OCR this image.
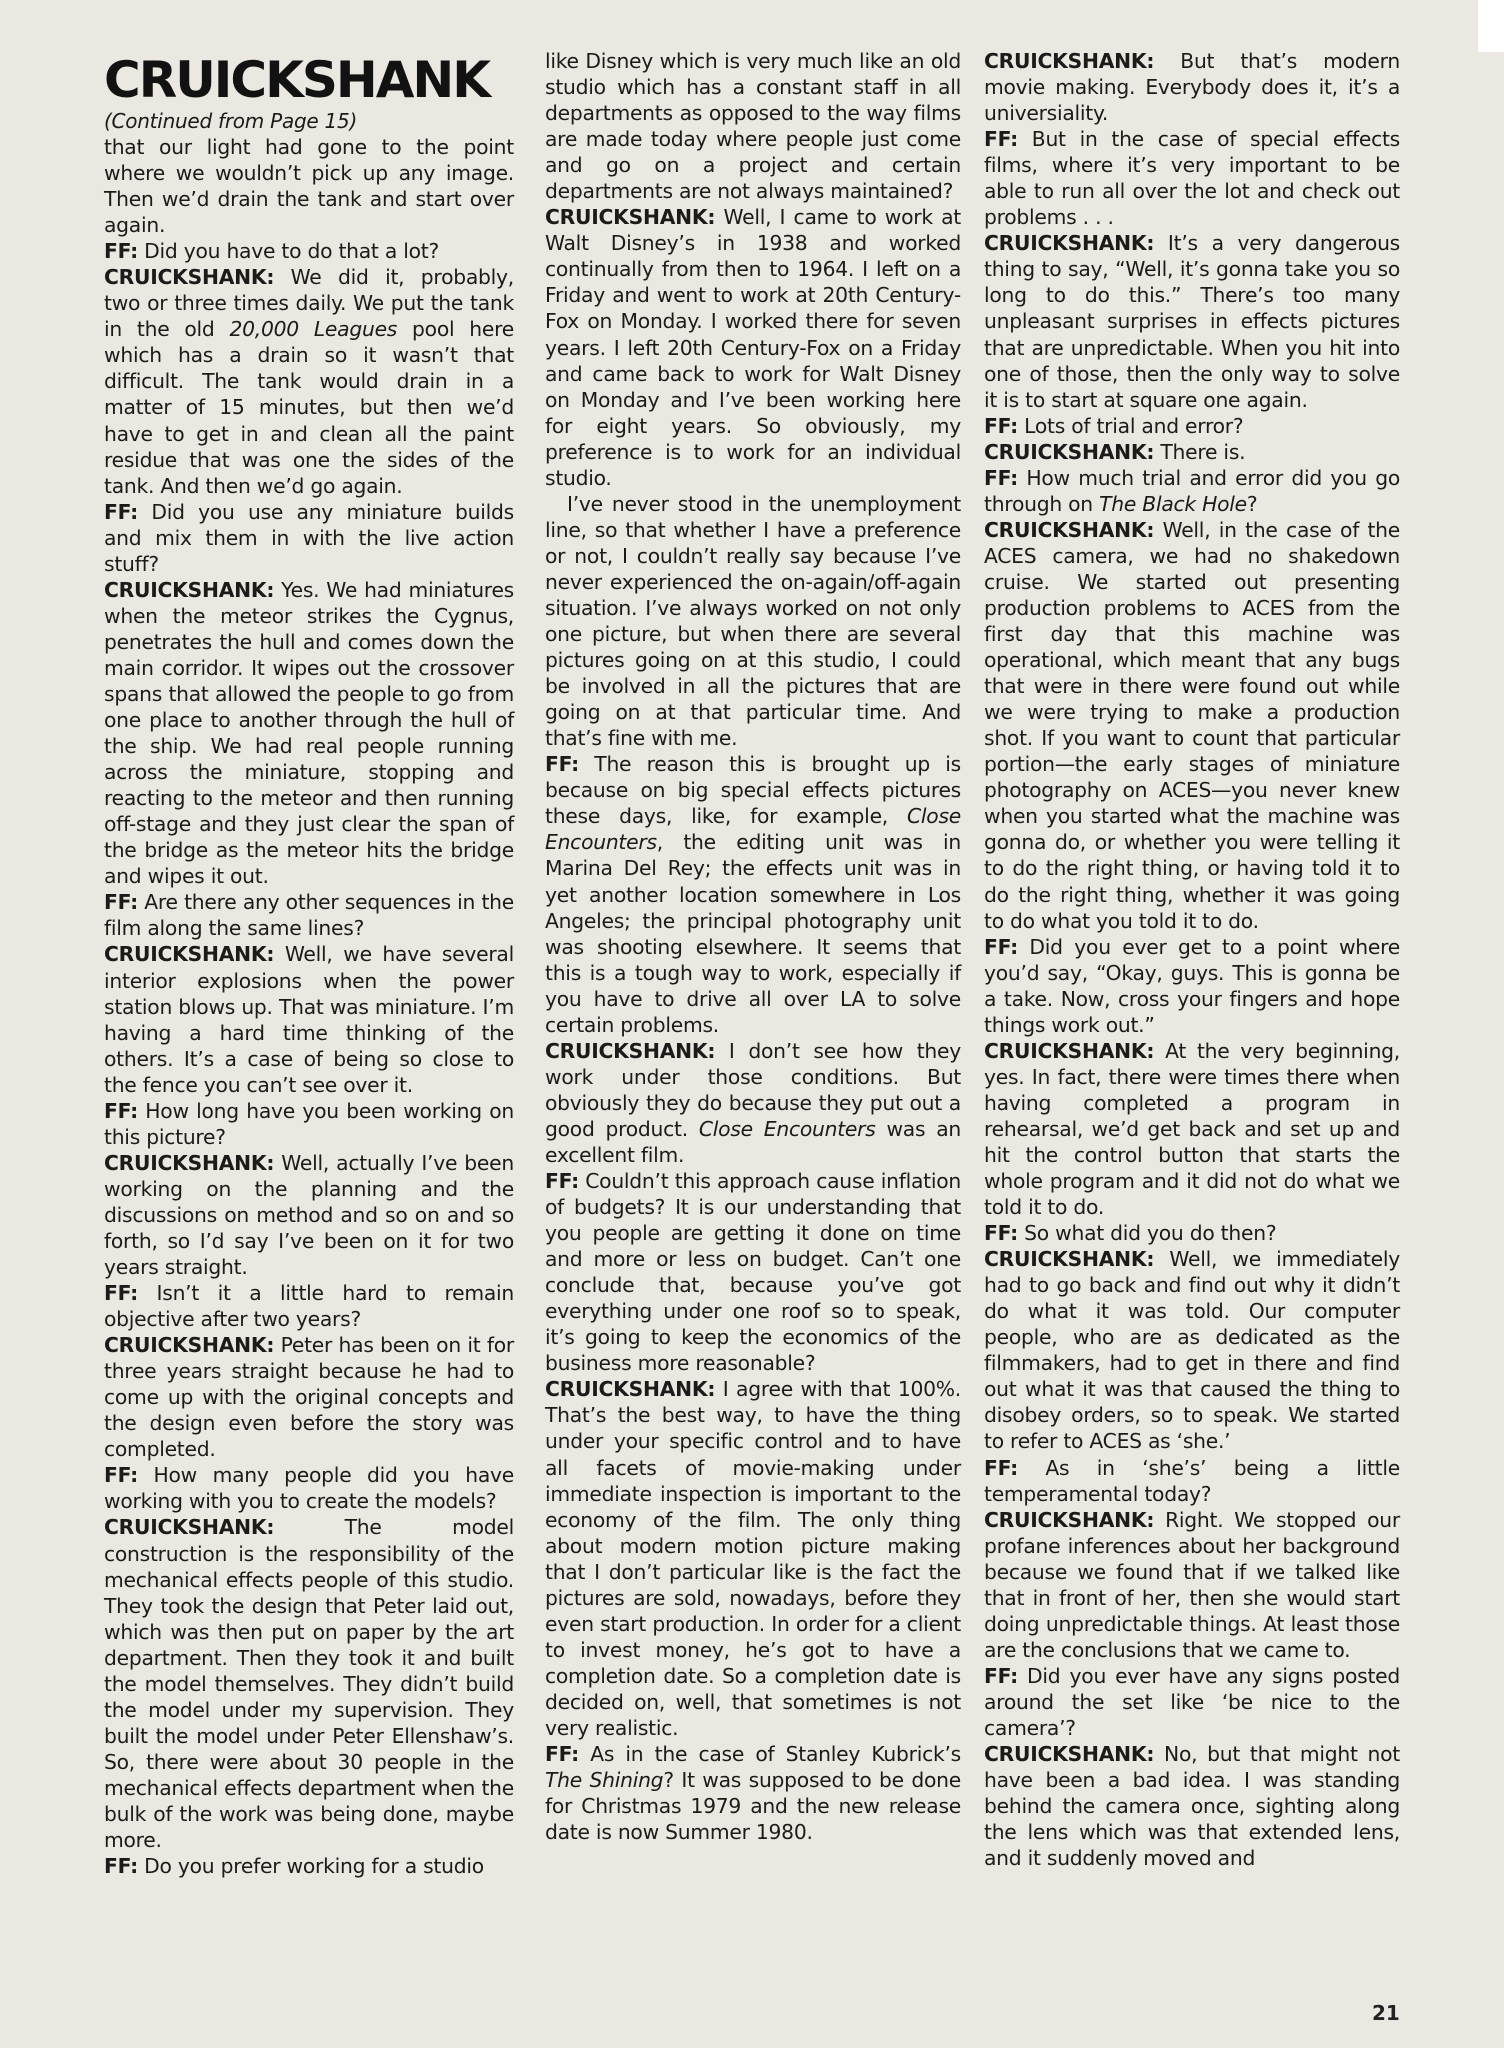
CRUICKSHANK

(Continued from Page 15)

that our light had gone to the point where we wouldn’t pick up any image. Then we’d drain the tank and start over again.

FF: Did you have to do that a lot?

CRUICKSHANK: We did it, probably, two or three times daily. We put the tank in the old 20,000 Leagues pool here which has a drain so it wasn’t that difficult. The tank would drain in a matter of 15 minutes, but then we’d have to get in and clean all the paint residue that was one the sides of the tank. And then we’d go again.

FF: Did you use any miniature builds and mix them in with the live action stuff?

CRUICKSHANK: Yes. We had miniatures when the meteor strikes the Cygnus, penetrates the hull and comes down the main corridor. It wipes out the crossover spans that allowed the people to go from one place to another through the hull of the ship. We had real people running across the miniature, stopping and reacting to the meteor and then running off-stage and they just clear the span of the bridge as the meteor hits the bridge and wipes it out.

FF: Are there any other sequences in the film along the same lines?

CRUICKSHANK: Well, we have several interior explosions when the power station blows up. That was miniature. I’m having a hard time thinking of the others. It’s a case of being so close to the fence you can’t see over it.

FF: How long have you been working on this picture?

CRUICKSHANK: Well, actually I’ve been working on the planning and the discussions on method and so on and so forth, so I’d say I’ve been on it for two years straight.

FF: Isn’t it a little hard to remain objective after two years?

CRUICKSHANK: Peter has been on it for three years straight because he had to come up with the original concepts and the design even before the story was completed.

FF: How many people did you have working with you to create the models?

CRUICKSHANK: The model construction is the responsibility of the mechanical effects people of this studio. They took the design that Peter laid out, which was then put on paper by the art department. Then they took it and built the model themselves. They didn’t build the model under my supervision. They built the model under Peter Ellenshaw’s. So, there were about 30 people in the mechanical effects department when the bulk of the work was being done, maybe more.

FF: Do you prefer working for a studio

like Disney which is very much like an old studio which has a constant staff in all departments as opposed to the way films are made today where people just come and go on a project and certain departments are not always maintained?

CRUICKSHANK: Well, I came to work at Walt Disney’s in 1938 and worked continually from then to 1964. I left on a Friday and went to work at 20th Century-Fox on Monday. I worked there for seven years. I left 20th Century-Fox on a Friday and came back to work for Walt Disney on Monday and I’ve been working here for eight years. So obviously, my preference is to work for an individual studio.

I’ve never stood in the unemployment line, so that whether I have a preference or not, I couldn’t really say because I’ve never experienced the on-again/off-again situation. I’ve always worked on not only one picture, but when there are several pictures going on at this studio, I could be involved in all the pictures that are going on at that particular time. And that’s fine with me.

FF: The reason this is brought up is because on big special effects pictures these days, like, for example, Close Encounters, the editing unit was in Marina Del Rey; the effects unit was in yet another location somewhere in Los Angeles; the principal photography unit was shooting elsewhere. It seems that this is a tough way to work, especially if you have to drive all over LA to solve certain problems.

CRUICKSHANK: I don’t see how they work under those conditions. But obviously they do because they put out a good product. Close Encounters was an excellent film.

FF: Couldn’t this approach cause inflation of budgets? It is our understanding that you people are getting it done on time and more or less on budget. Can’t one conclude that, because you’ve got everything under one roof so to speak, it’s going to keep the economics of the business more reasonable?

CRUICKSHANK: I agree with that 100%. That’s the best way, to have the thing under your specific control and to have all facets of movie-making under immediate inspection is important to the economy of the film. The only thing about modern motion picture making that I don’t particular like is the fact the pictures are sold, nowadays, before they even start production. In order for a client to invest money, he’s got to have a completion date. So a completion date is decided on, well, that sometimes is not very realistic.

FF: As in the case of Stanley Kubrick’s The Shining? It was supposed to be done for Christmas 1979 and the new release date is now Summer 1980.

CRUICKSHANK: But that’s modern movie making. Everybody does it, it’s a universiality.

FF: But in the case of special effects films, where it’s very important to be able to run all over the lot and check out problems . . .

CRUICKSHANK: It’s a very dangerous thing to say, “Well, it’s gonna take you so long to do this.” There’s too many unpleasant surprises in effects pictures that are unpredictable. When you hit into one of those, then the only way to solve it is to start at square one again.

FF: Lots of trial and error?

CRUICKSHANK: There is.

FF: How much trial and error did you go through on The Black Hole?

CRUICKSHANK: Well, in the case of the ACES camera, we had no shakedown cruise. We started out presenting production problems to ACES from the first day that this machine was operational, which meant that any bugs that were in there were found out while we were trying to make a production shot. If you want to count that particular portion—the early stages of miniature photography on ACES—you never knew when you started what the machine was gonna do, or whether you were telling it to do the right thing, or having told it to do the right thing, whether it was going to do what you told it to do.

FF: Did you ever get to a point where you’d say, “Okay, guys. This is gonna be a take. Now, cross your fingers and hope things work out.”

CRUICKSHANK: At the very beginning, yes. In fact, there were times there when having completed a program in rehearsal, we’d get back and set up and hit the control button that starts the whole program and it did not do what we told it to do.

FF: So what did you do then?

CRUICKSHANK: Well, we immediately had to go back and find out why it didn’t do what it was told. Our computer people, who are as dedicated as the filmmakers, had to get in there and find out what it was that caused the thing to disobey orders, so to speak. We started to refer to ACES as ‘she.’

FF: As in ‘she’s’ being a little temperamental today?

CRUICKSHANK: Right. We stopped our profane inferences about her background because we found that if we talked like that in front of her, then she would start doing unpredictable things. At least those are the conclusions that we came to.

FF: Did you ever have any signs posted around the set like ‘be nice to the camera’?

CRUICKSHANK: No, but that might not have been a bad idea. I was standing behind the camera once, sighting along the lens which was that extended lens, and it suddenly moved and

21
